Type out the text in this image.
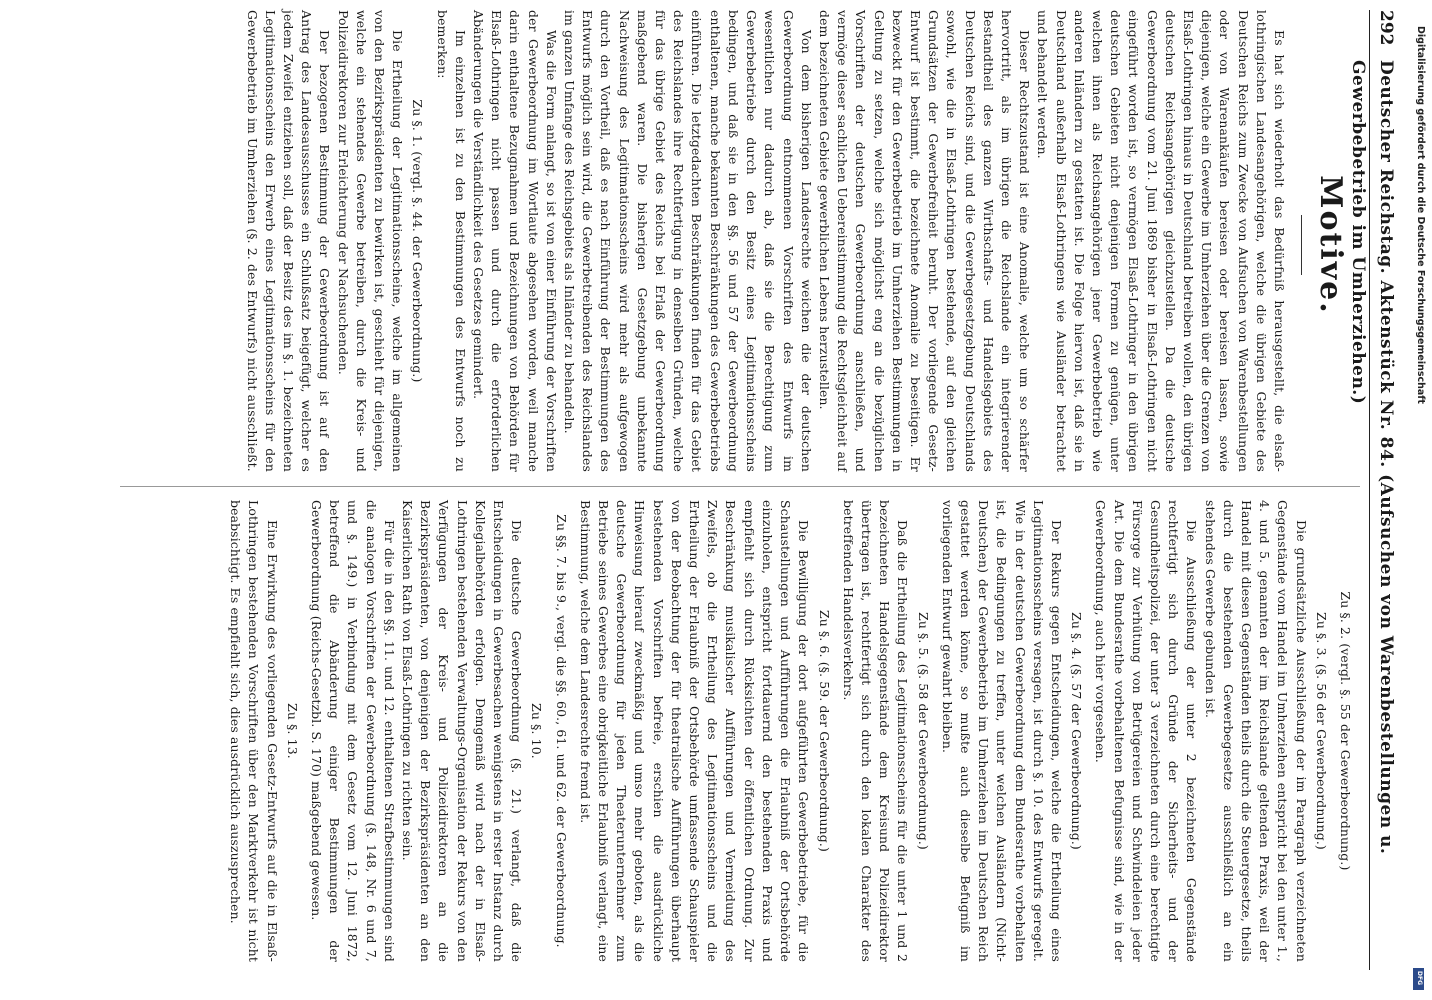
292
Deutscher Reichstag. Aktenstück Nr. 84. (Aufsuchen von Warenbestellungen u. Gewerbebetrieb im Umherziehen.)
Motive.

Es hat sich wiederholt das Bedürfniß herausgestellt, die elsaß-lothringischen Landesangehörigen, welche die übrigen Gebiete des Deutschen Reichs zum Zwecke von Aufsuchen von Warenbestellungen oder von Warenankäufen bereisen oder bereisen lassen, sowie diejenigen, welche ein Gewerbe im Umherziehen über die Grenzen von Elsaß-Lothringen hinaus in Deutschland betreiben wollen, den übrigen deutschen Reichsangehörigen gleichzustellen. Da die deutsche Gewerbeordnung vom 21. Juni 1869 bisher in Elsaß-Lothringen nicht eingeführt worden ist, so vermögen Elsaß-Lothringer in den übrigen deutschen Gebieten nicht denjenigen Formen zu genügen, unter welchen ihnen als Reichsangehörigen jener Gewerbebetrieb wie anderen Inländern zu gestatten ist. Die Folge hiervon ist, daß sie in Deutschland außerhalb Elsaß-Lothringens wie Ausländer betrachtet und behandelt werden.

Dieser Rechtszustand ist eine Anomalie, welche um so schärfer hervortritt, als im übrigen die Reichslande ein integrierender Bestandtheil des ganzen Wirthschafts- und Handelsgebiets des Deutschen Reichs sind, und die Gewerbegesetzgebung Deutschlands sowohl, wie die in Elsaß-Lothringen bestehende, auf den gleichen Grundsätzen der Gewerbefreiheit beruht. Der vorliegende Gesetz-Entwurf ist bestimmt, die bezeichnete Anomalie zu beseitigen. Er bezweckt für den Gewerbebetrieb im Umherziehen Bestimmungen in Geltung zu setzen, welche sich möglichst eng an die bezüglichen Vorschriften der deutschen Gewerbeordnung anschließen, und vermöge dieser sachlichen Uebereinstimmung die Rechtsgleichheit auf dem bezeichneten Gebiete gewerblichen Lebens herzustellen.

Von dem bisherigen Landesrechte weichen die der deutschen Gewerbeordnung entnommenen Vorschriften des Entwurfs im wesentlichen nur dadurch ab, daß sie die Berechtigung zum Gewerbebetriebe durch den Besitz eines Legitimationsscheins bedingen, und daß sie in den §§. 56 und 57 der Gewerbeordnung enthaltenen, manche bekannten Beschränkungen des Gewerbebetriebs einführen. Die letztgedachten Beschränkungen finden für das Gebiet des Reichslandes ihre Rechtfertigung in denselben Gründen, welche für das übrige Gebiet des Reichs bei Erlaß der Gewerbeordnung maßgebend waren. Die bisherigen Gesetzgebung unbekannte Nachweisung des Legitimationsscheins wird mehr als aufgewogen durch den Vortheil, daß es nach Einführung der Bestimmungen des Entwurfs möglich sein wird, die Gewerbetreibenden des Reichslandes im ganzen Umfange des Reichsgebiets als Inländer zu behandeln.

Was die Form anlangt, so ist von einer Einführung der Vorschriften der Gewerbeordnung im Wortlaute abgesehen worden, weil manche darin enthaltene Bezugnahmen und Bezeichnungen von Behörden für Elsaß-Lothringen nicht passen und durch die erforderlichen Abänderungen die Verständlichkeit des Gesetzes gemindert.

Im einzelnen ist zu den Bestimmungen des Entwurfs noch zu bemerken:

Zu §. 1. (vergl. §. 44. der Gewerbeordnung.)

Die Ertheilung der Legitimationsscheine, welche im allgemeinen von den Bezirkspräsidenten zu bewirken ist, geschieht für diejenigen, welche ein stehendes Gewerbe betreiben, durch die Kreis- und Polizeidirektoren zur Erleichterung der Nachsuchenden.

Der bezogenen Bestimmung der Gewerbeordnung ist auf den Antrag des Landesausschusses ein Schlußsatz beigefügt, welcher es jedem Zweifel entziehen soll, daß der Besitz des im §. 1. bezeichneten Legitimationsscheins den Erwerb eines Legitimationsscheins für den Gewerbebetrieb im Umherziehen (§. 2. des Entwurfs) nicht ausschließt.

Zu §. 2. (vergl. §. 55 der Gewerbeordnung.)

Zu §. 3. (§. 56 der Gewerbeordnung.)

Die grundsätzliche Ausschließung der im Paragraph verzeichneten Gegenstände vom Handel im Umherziehen entspricht bei den unter 1., 4. und 5. genannten der im Reichslande geltenden Praxis, weil der Handel mit diesen Gegenständen theils durch die Steuergesetze, theils durch die bestehenden Gewerbegesetze ausschließlich an ein stehendes Gewerbe gebunden ist.

Die Ausschließung der unter 2 bezeichneten Gegenstände rechtfertigt sich durch Gründe der Sicherheits- und der Gesundheitspolizei, der unter 3 verzeichneten durch eine berechtigte Fürsorge zur Verhütung von Betrügereien und Schwindeleien jeder Art. Die dem Bundesrathe vorbehaltenen Befugnisse sind, wie in der Gewerbeordnung, auch hier vorgesehen.

Zu §. 4. (§. 57 der Gewerbeordnung.)

Der Rekurs gegen Entscheidungen, welche die Ertheilung eines Legitimationsscheins versagen, ist durch §. 10. des Entwurfs geregelt. Wie in der deutschen Gewerbeordnung dem Bundesrathe vorbehalten ist, die Bedingungen zu treffen, unter welchen Ausländern (Nicht-Deutschen) der Gewerbebetrieb im Umherziehen im Deutschen Reich gestattet werden könne, so mußte auch dieselbe Befugniß im vorliegenden Entwurf gewahrt bleiben.

Zu §. 5. (§. 58 der Gewerbeordnung.)

Daß die Ertheilung des Legitimationsscheins für die unter 1 und 2 bezeichneten Handelsgegenstände dem Kreisund Polizeidirektor übertragen ist, rechtfertigt sich durch den lokalen Charakter des betreffenden Handelsverkehrs.

Zu §. 6. (§. 59. der Gewerbeordnung.)

Die Bewilligung der dort aufgeführten Gewerbebetriebe, für die Schaustellungen und Aufführungen die Erlaubniß der Ortsbehörde einzuholen, entspricht fortdauernd den bestehenden Praxis und empfiehlt sich durch Rücksichten der öffentlichen Ordnung. Zur Beschränkung musikalischer Aufführungen und Vermeidung des Zweifels, ob die Ertheilung des Legitimationsscheins und die Ertheilung der Erlaubniß der Ortsbehörde umfassende Schauspieler von der Beobachtung der für theatralische Aufführungen überhaupt bestehenden Vorschriften befreie, erschien die ausdrückliche Hinweisung hierauf zweckmäßig und umso mehr geboten, als die deutsche Gewerbeordnung für jeden Theaterunternehmer zum Betriebe seines Gewerbes eine obrigkeitliche Erlaubniß verlangt, eine Bestimmung, welche dem Landesrechte fremd ist.

Zu §§. 7. bis 9., vergl. die §§. 60., 61. und 62. der Gewerbeordnung.

Zu §. 10.

Die deutsche Gewerbeordnung (§. 21.) verlangt, daß die Entscheidungen in Gewerbesachen wenigstens in erster Instanz durch Kollegialbehörden erfolgen. Demgemäß wird nach der in Elsaß-Lothringen bestehenden Verwaltungs-Organisation der Rekurs von den Verfügungen der Kreis- und Polizeidirektoren an die Bezirkspräsidenten, von denjenigen der Bezirkspräsidenten an den Kaiserlichen Rath von Elsaß-Lothringen zu richten sein.

Für die in den §§. 11. und 12. enthaltenen Strafbestimmungen sind die analogen Vorschriften der Gewerbeordnung (§. 148, Nr. 6 und 7, und §. 149.) in Verbindung mit dem Gesetz vom 12. Juni 1872, betreffend die Abänderung einiger Bestimmungen der Gewerbeordnung (Reichs-Gesetzbl. S. 170) maßgebend gewesen.

Zu §. 13.

Eine Erwirkung des vorliegenden Gesetz-Entwurfs auf die in Elsaß-Lothringen bestehenden Vorschriften über den Marktverkehr ist nicht beabsichtigt. Es empfiehlt sich, dies ausdrücklich auszusprechen.

Digitalisierung gefördert durch die Deutsche Forschungsgemeinschaft
DFG
